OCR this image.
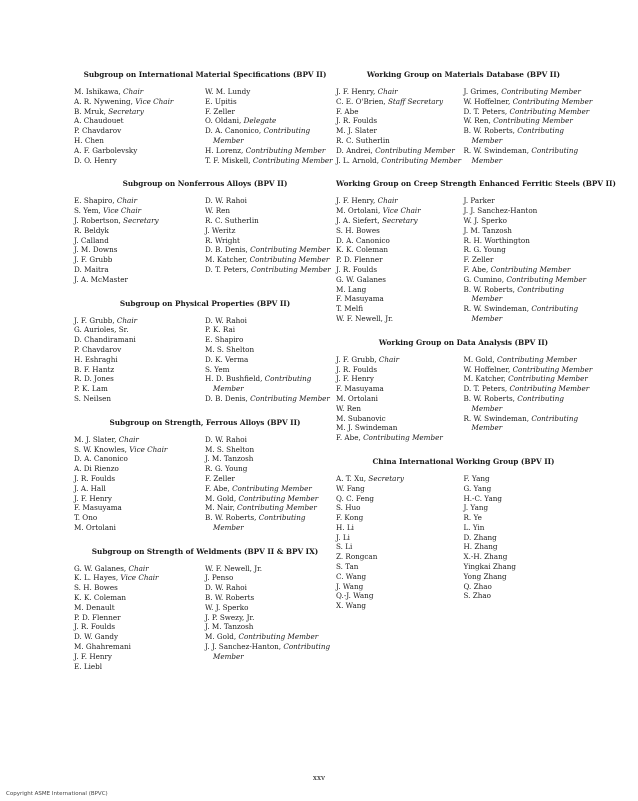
Subgroup on International Material Specifications (BPV II)
M. Ishikawa, Chair
A. R. Nywening, Vice Chair
B. Mruk, Secretary
A. Chaudouet
P. Chavdarov
H. Chen
A. F. Garbolevsky
D. O. Henry
W. M. Lundy
E. Upitis
F. Zeller
O. Oldani, Delegate
D. A. Canonico, Contributing
Member
H. Lorenz, Contributing Member
T. F. Miskell, Contributing Member
Subgroup on Nonferrous Alloys (BPV II)
E. Shapiro, Chair
S. Yem, Vice Chair
J. Robertson, Secretary
R. Beldyk
J. Calland
J. M. Downs
J. F. Grubb
D. Maitra
J. A. McMaster
D. W. Rahoi
W. Ren
R. C. Sutherlin
J. Weritz
R. Wright
D. B. Denis, Contributing Member
M. Katcher, Contributing Member
D. T. Peters, Contributing Member
Subgroup on Physical Properties (BPV II)
J. F. Grubb, Chair
G. Aurioles, Sr.
D. Chandiramani
P. Chavdarov
H. Eshraghi
B. F. Hantz
R. D. Jones
P. K. Lam
S. Neilsen
D. W. Rahoi
P. K. Rai
E. Shapiro
M. S. Shelton
D. K. Verma
S. Yem
H. D. Bushfield, Contributing
Member
D. B. Denis, Contributing Member
Subgroup on Strength, Ferrous Alloys (BPV II)
M. J. Slater, Chair
S. W. Knowles, Vice Chair
D. A. Canonico
A. Di Rienzo
J. R. Foulds
J. A. Hall
J. F. Henry
F. Masuyama
T. Ono
M. Ortolani
D. W. Rahoi
M. S. Shelton
J. M. Tanzosh
R. G. Young
F. Zeller
F. Abe, Contributing Member
M. Gold, Contributing Member
M. Nair, Contributing Member
B. W. Roberts, Contributing
Member
Subgroup on Strength of Weldments (BPV II & BPV IX)
G. W. Galanes, Chair
K. L. Hayes, Vice Chair
S. H. Bowes
K. K. Coleman
M. Denault
P. D. Flenner
J. R. Foulds
D. W. Gandy
M. Ghahremani
J. F. Henry
E. Liebl
W. F. Newell, Jr.
J. Penso
D. W. Rahoi
B. W. Roberts
W. J. Sperko
J. P. Swezy, Jr.
J. M. Tanzosh
M. Gold, Contributing Member
J. J. Sanchez-Hanton, Contributing
Member
Working Group on Materials Database (BPV II)
J. F. Henry, Chair
C. E. O'Brien, Staff Secretary
F. Abe
J. R. Foulds
M. J. Slater
R. C. Sutherlin
D. Andrei, Contributing Member
J. L. Arnold, Contributing Member
J. Grimes, Contributing Member
W. Hoffelner, Contributing Member
D. T. Peters, Contributing Member
W. Ren, Contributing Member
B. W. Roberts, Contributing
Member
R. W. Swindeman, Contributing
Member
Working Group on Creep Strength Enhanced Ferritic Steels (BPV II)
J. F. Henry, Chair
M. Ortolani, Vice Chair
J. A. Siefert, Secretary
S. H. Bowes
D. A. Canonico
K. K. Coleman
P. D. Flenner
J. R. Foulds
G. W. Galanes
M. Lang
F. Masuyama
T. Melfi
W. F. Newell, Jr.
J. Parker
J. J. Sanchez-Hanton
W. J. Sperko
J. M. Tanzosh
R. H. Worthington
R. G. Young
F. Zeller
F. Abe, Contributing Member
G. Cumino, Contributing Member
B. W. Roberts, Contributing
Member
R. W. Swindeman, Contributing
Member
Working Group on Data Analysis (BPV II)
J. F. Grubb, Chair
J. R. Foulds
J. F. Henry
F. Masuyama
M. Ortolani
W. Ren
M. Subanovic
M. J. Swindeman
F. Abe, Contributing Member
M. Gold, Contributing Member
W. Hoffelner, Contributing Member
M. Katcher, Contributing Member
D. T. Peters, Contributing Member
B. W. Roberts, Contributing
Member
R. W. Swindeman, Contributing
Member
China International Working Group (BPV II)
A. T. Xu, Secretary
W. Fang
Q. C. Feng
S. Huo
F. Kong
H. Li
J. Li
S. Li
Z. Rongcan
S. Tan
C. Wang
J. Wang
Q.-J. Wang
X. Wang
F. Yang
G. Yang
H.-C. Yang
J. Yang
R. Ye
L. Yin
D. Zhang
H. Zhang
X.-H. Zhang
Yingkai Zhang
Yong Zhang
Q. Zhao
S. Zhao
xxv
Copyright ASME International (BPVC)
